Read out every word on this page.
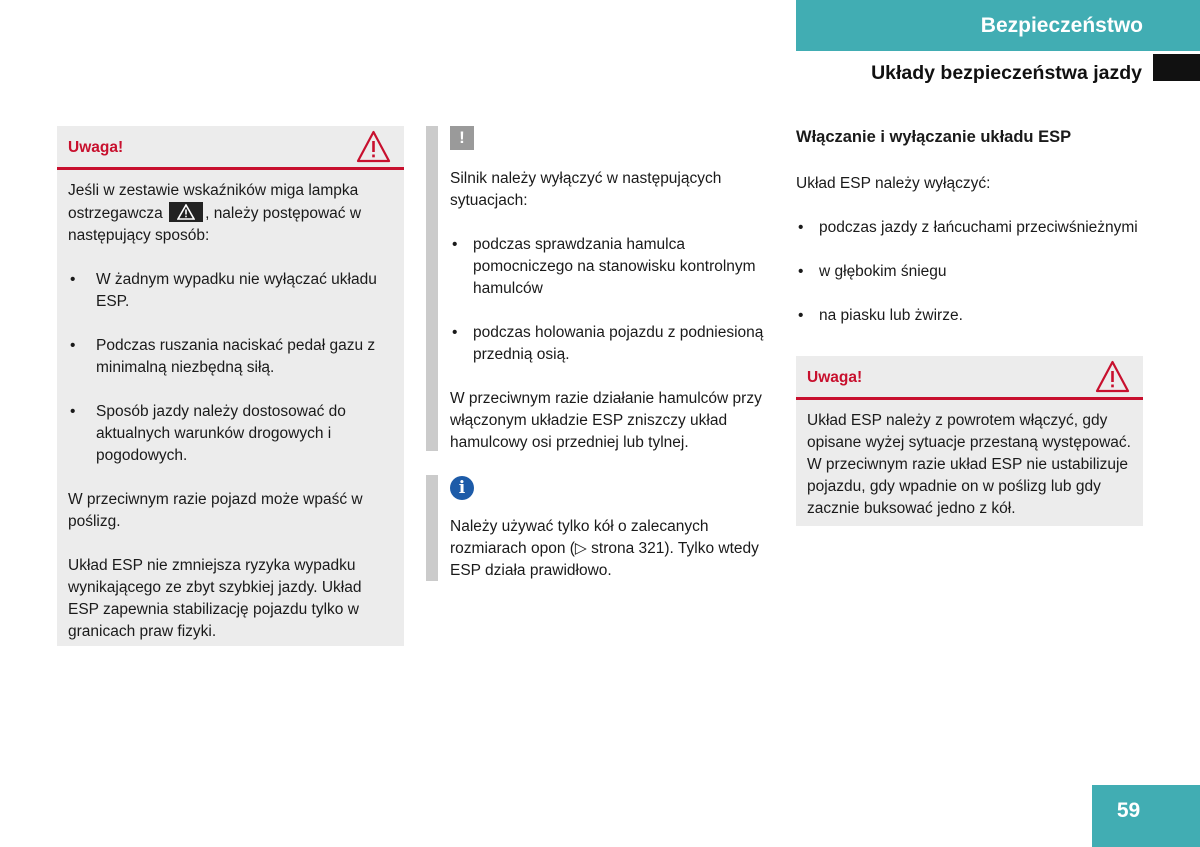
Bezpieczeństwo
Układy bezpieczeństwa jazdy
Uwaga!

Jeśli w zestawie wskaźników miga lampka ostrzegawcza	, należy postępować w następujący sposób:

• W żadnym wypadku nie wyłączać układu ESP.
• Podczas ruszania naciskać pedał gazu z minimalną niezbędną siłą.
• Sposób jazdy należy dostosować do aktualnych warunków drogowych i pogodowych.

W przeciwnym razie pojazd może wpaść w poślizg.

Układ ESP nie zmniejsza ryzyka wypadku wynikającego ze zbyt szybkiej jazdy. Układ ESP zapewnia stabilizację pojazdu tylko w granicach praw fizyki.

!

Silnik należy wyłączyć w następujących sytuacjach:

• podczas sprawdzania hamulca pomocniczego na stanowisku kontrolnym hamulców
• podczas holowania pojazdu z podniesioną przednią osią.

W przeciwnym razie działanie hamulców przy włączonym układzie ESP zniszczy układ hamulcowy osi przedniej lub tylnej.

i

Należy używać tylko kół o zalecanych rozmiarach opon (▷ strona 321). Tylko wtedy ESP działa prawidłowo.

Włączanie i wyłączanie układu ESP

Układ ESP należy wyłączyć:

• podczas jazdy z łańcuchami przeciwśnieżnymi
• w głębokim śniegu
• na piasku lub żwirze.
Uwaga!

Układ ESP należy z powrotem włączyć, gdy opisane wyżej sytuacje przestaną występować. W przeciwnym razie układ ESP nie ustabilizuje pojazdu, gdy wpadnie on w poślizg lub gdy zacznie buksować jedno z kół.

59
